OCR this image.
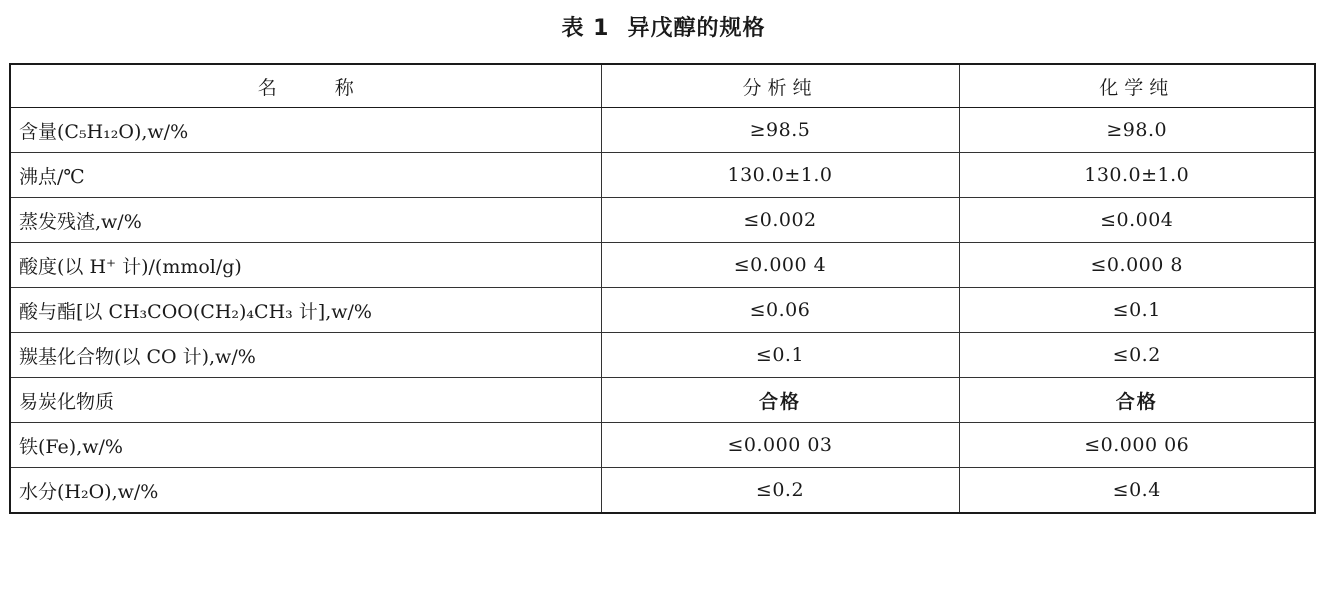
表 1 异戊醇的规格
名 称	分析纯	化学纯
含量(C₅H₁₂O),w/%	≥98.5	≥98.0
沸点/℃	130.0±1.0	130.0±1.0
蒸发残渣,w/%	≤0.002	≤0.004
酸度(以 H⁺ 计)/(mmol/g)	≤0.000 4	≤0.000 8
酸与酯[以 CH₃COO(CH₂)₄CH₃ 计],w/%	≤0.06	≤0.1
羰基化合物(以 CO 计),w/%	≤0.1	≤0.2
易炭化物质	合格	合格
铁(Fe),w/%	≤0.000 03	≤0.000 06
水分(H₂O),w/%	≤0.2	≤0.4
